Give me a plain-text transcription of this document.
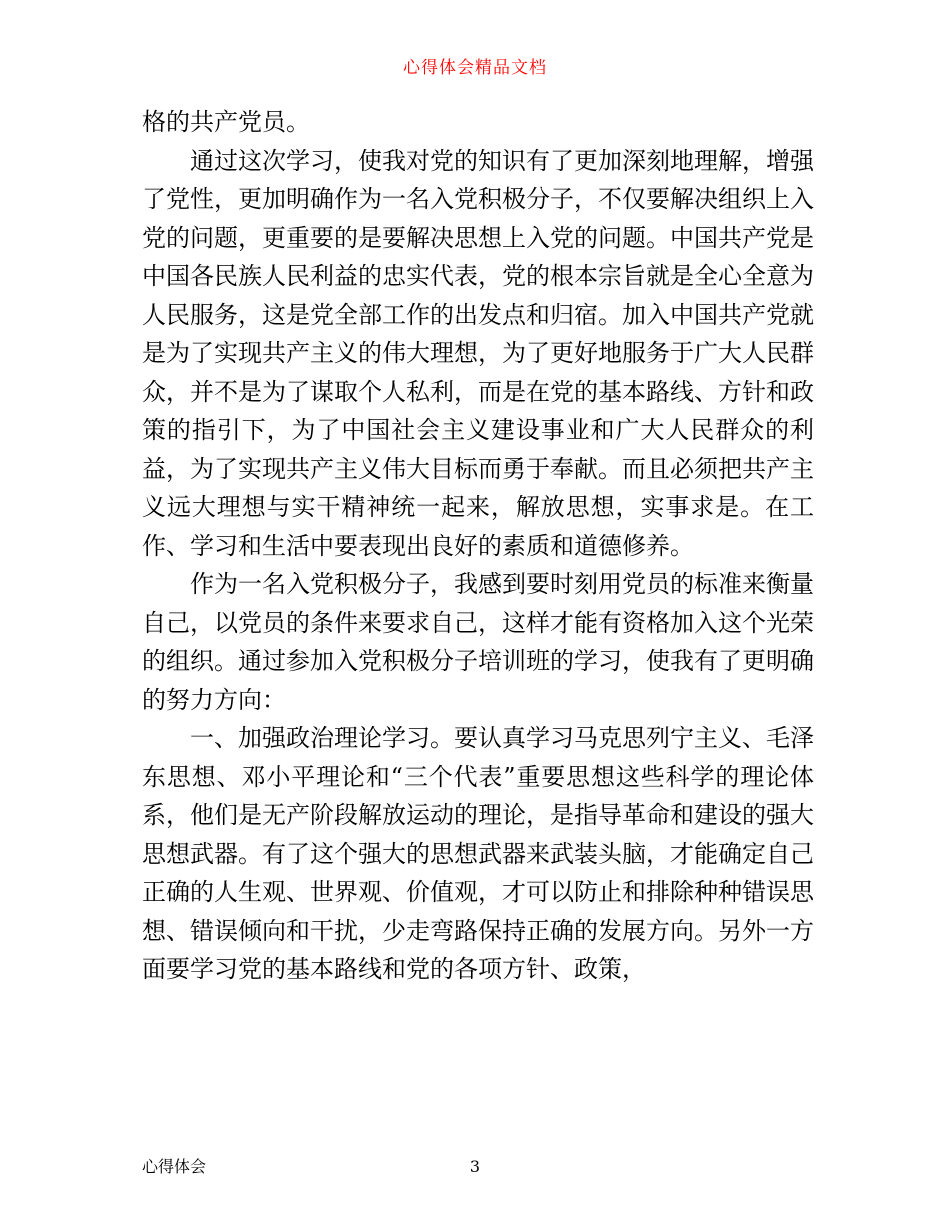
心得体会精品文档

格的共产党员。

通过这次学习，使我对党的知识有了更加深刻地理解，增强了党性，更加明确作为一名入党积极分子，不仅要解决组织上入党的问题，更重要的是要解决思想上入党的问题。中国共产党是中国各民族人民利益的忠实代表，党的根本宗旨就是全心全意为人民服务，这是党全部工作的出发点和归宿。加入中国共产党就是为了实现共产主义的伟大理想，为了更好地服务于广大人民群众，并不是为了谋取个人私利，而是在党的基本路线、方针和政策的指引下，为了中国社会主义建设事业和广大人民群众的利益，为了实现共产主义伟大目标而勇于奉献。而且必须把共产主义远大理想与实干精神统一起来，解放思想，实事求是。在工作、学习和生活中要表现出良好的素质和道德修养。

作为一名入党积极分子，我感到要时刻用党员的标准来衡量自己，以党员的条件来要求自己，这样才能有资格加入这个光荣的组织。通过参加入党积极分子培训班的学习，使我有了更明确的努力方向：

一、加强政治理论学习。要认真学习马克思列宁主义、毛泽东思想、邓小平理论和“三个代表”重要思想这些科学的理论体系，他们是无产阶段解放运动的理论，是指导革命和建设的强大思想武器。有了这个强大的思想武器来武装头脑，才能确定自己正确的人生观、世界观、价值观，才可以防止和排除种种错误思想、错误倾向和干扰，少走弯路保持正确的发展方向。另外一方面要学习党的基本路线和党的各项方针、政策，

心得体会	3
